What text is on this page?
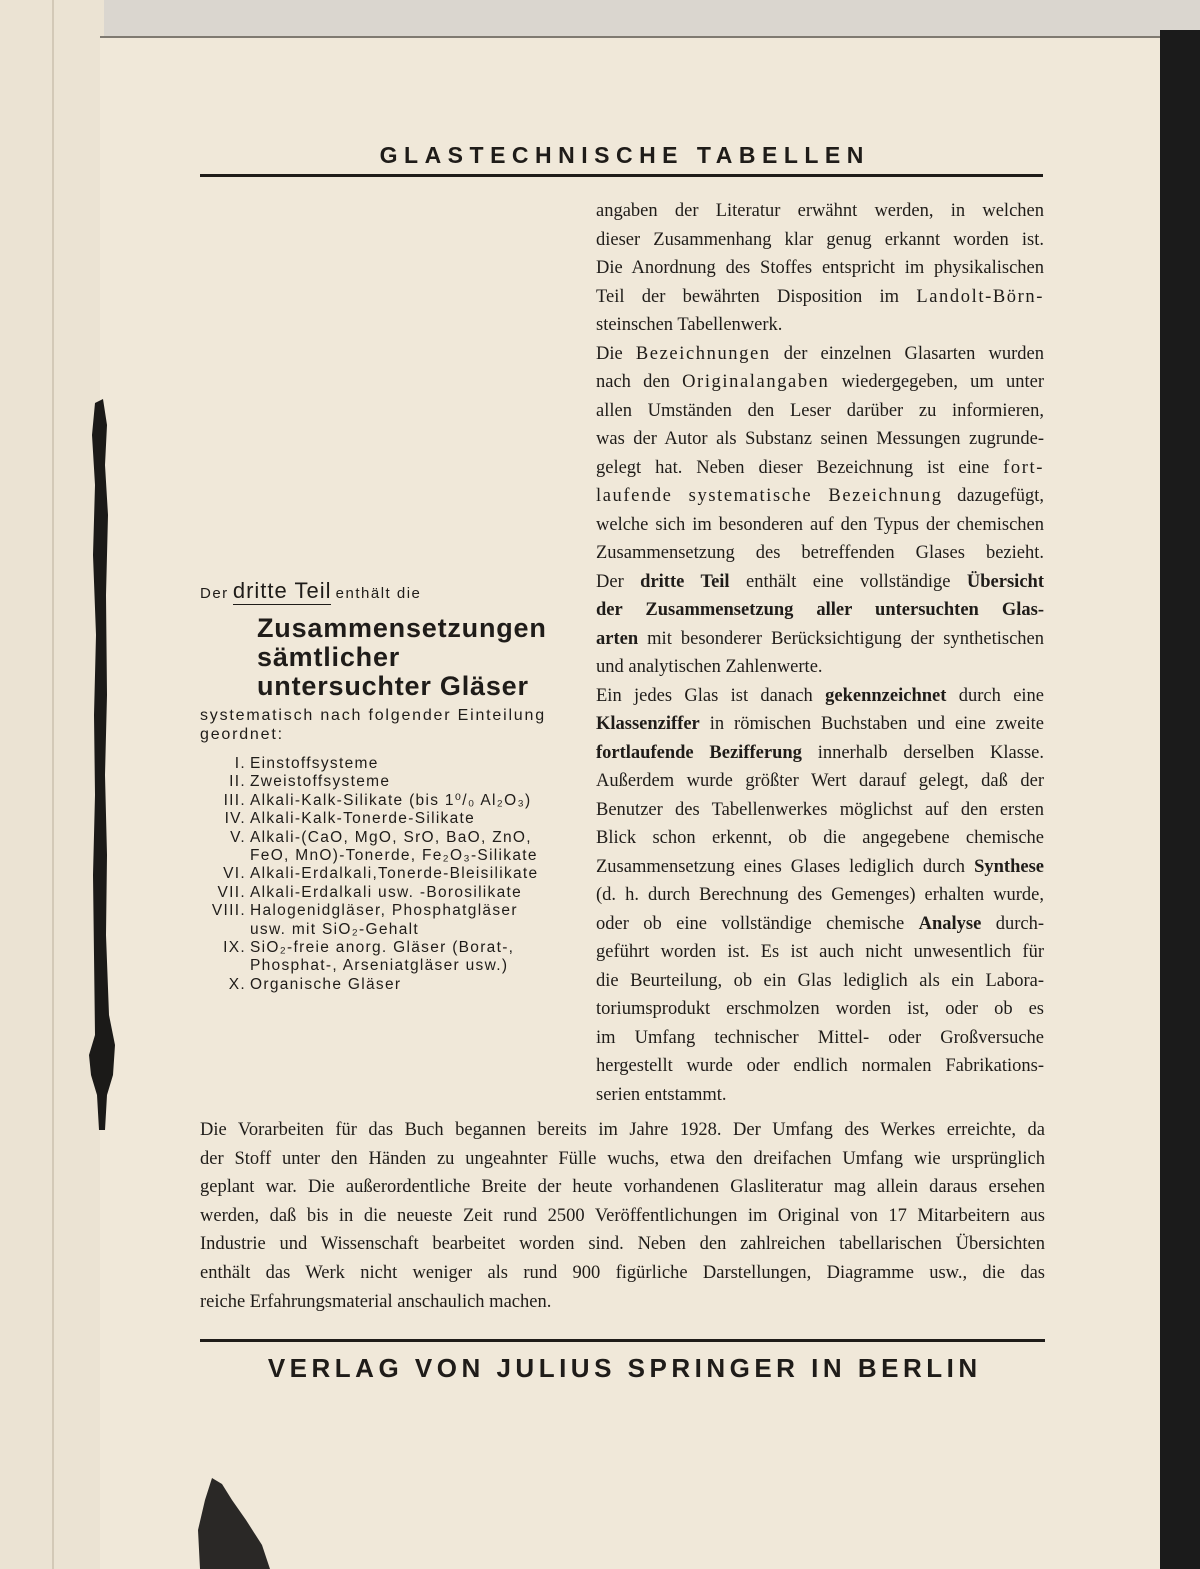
GLASTECHNISCHE TABELLEN
Der dritte Teil enthält die
Zusammensetzungen
sämtlicher
untersuchter Gläser
systematisch nach folgender Einteilung
geordnet:
I. Einstoffsysteme
II. Zweistoffsysteme
III. Alkali-Kalk-Silikate (bis 1⁰/₀ Al₂O₃)
IV. Alkali-Kalk-Tonerde-Silikate
V. Alkali-(CaO, MgO, SrO, BaO, ZnO,
FeO, MnO)-Tonerde, Fe₂O₃-Silikate
VI. Alkali-Erdalkali,Tonerde-Bleisilikate
VII. Alkali-Erdalkali usw. -Borosilikate
VIII. Halogenidgläser, Phosphatgläser
usw. mit SiO₂-Gehalt
IX. SiO₂-freie anorg. Gläser (Borat-,
Phosphat-, Arseniatgläser usw.)
X. Organische Gläser
angaben der Literatur erwähnt werden, in welchen
dieser Zusammenhang klar genug erkannt worden ist.
Die Anordnung des Stoffes entspricht im physikalischen
Teil der bewährten Disposition im Landolt-Börn-
steinschen Tabellenwerk.
Die Bezeichnungen der einzelnen Glasarten wurden
nach den Originalangaben wiedergegeben, um unter
allen Umständen den Leser darüber zu informieren,
was der Autor als Substanz seinen Messungen zugrunde-
gelegt hat. Neben dieser Bezeichnung ist eine fort-
laufende systematische Bezeichnung dazugefügt,
welche sich im besonderen auf den Typus der chemischen
Zusammensetzung des betreffenden Glases bezieht.
Der dritte Teil enthält eine vollständige Übersicht
der Zusammensetzung aller untersuchten Glas-
arten mit besonderer Berücksichtigung der synthetischen
und analytischen Zahlenwerte.
Ein jedes Glas ist danach gekennzeichnet durch eine
Klassenziffer in römischen Buchstaben und eine zweite
fortlaufende Bezifferung innerhalb derselben Klasse.
Außerdem wurde größter Wert darauf gelegt, daß der
Benutzer des Tabellenwerkes möglichst auf den ersten
Blick schon erkennt, ob die angegebene chemische
Zusammensetzung eines Glases lediglich durch Synthese
(d. h. durch Berechnung des Gemenges) erhalten wurde,
oder ob eine vollständige chemische Analyse durch-
geführt worden ist. Es ist auch nicht unwesentlich für
die Beurteilung, ob ein Glas lediglich als ein Labora-
toriumsprodukt erschmolzen worden ist, oder ob es
im Umfang technischer Mittel- oder Großversuche
hergestellt wurde oder endlich normalen Fabrikations-
serien entstammt.
Die Vorarbeiten für das Buch begannen bereits im Jahre 1928. Der Umfang des Werkes erreichte, da
der Stoff unter den Händen zu ungeahnter Fülle wuchs, etwa den dreifachen Umfang wie ursprünglich
geplant war. Die außerordentliche Breite der heute vorhandenen Glasliteratur mag allein daraus ersehen
werden, daß bis in die neueste Zeit rund 2500 Veröffentlichungen im Original von 17 Mitarbeitern aus
Industrie und Wissenschaft bearbeitet worden sind. Neben den zahlreichen tabellarischen Übersichten
enthält das Werk nicht weniger als rund 900 figürliche Darstellungen, Diagramme usw., die das
reiche Erfahrungsmaterial anschaulich machen.
VERLAG VON JULIUS SPRINGER IN BERLIN
